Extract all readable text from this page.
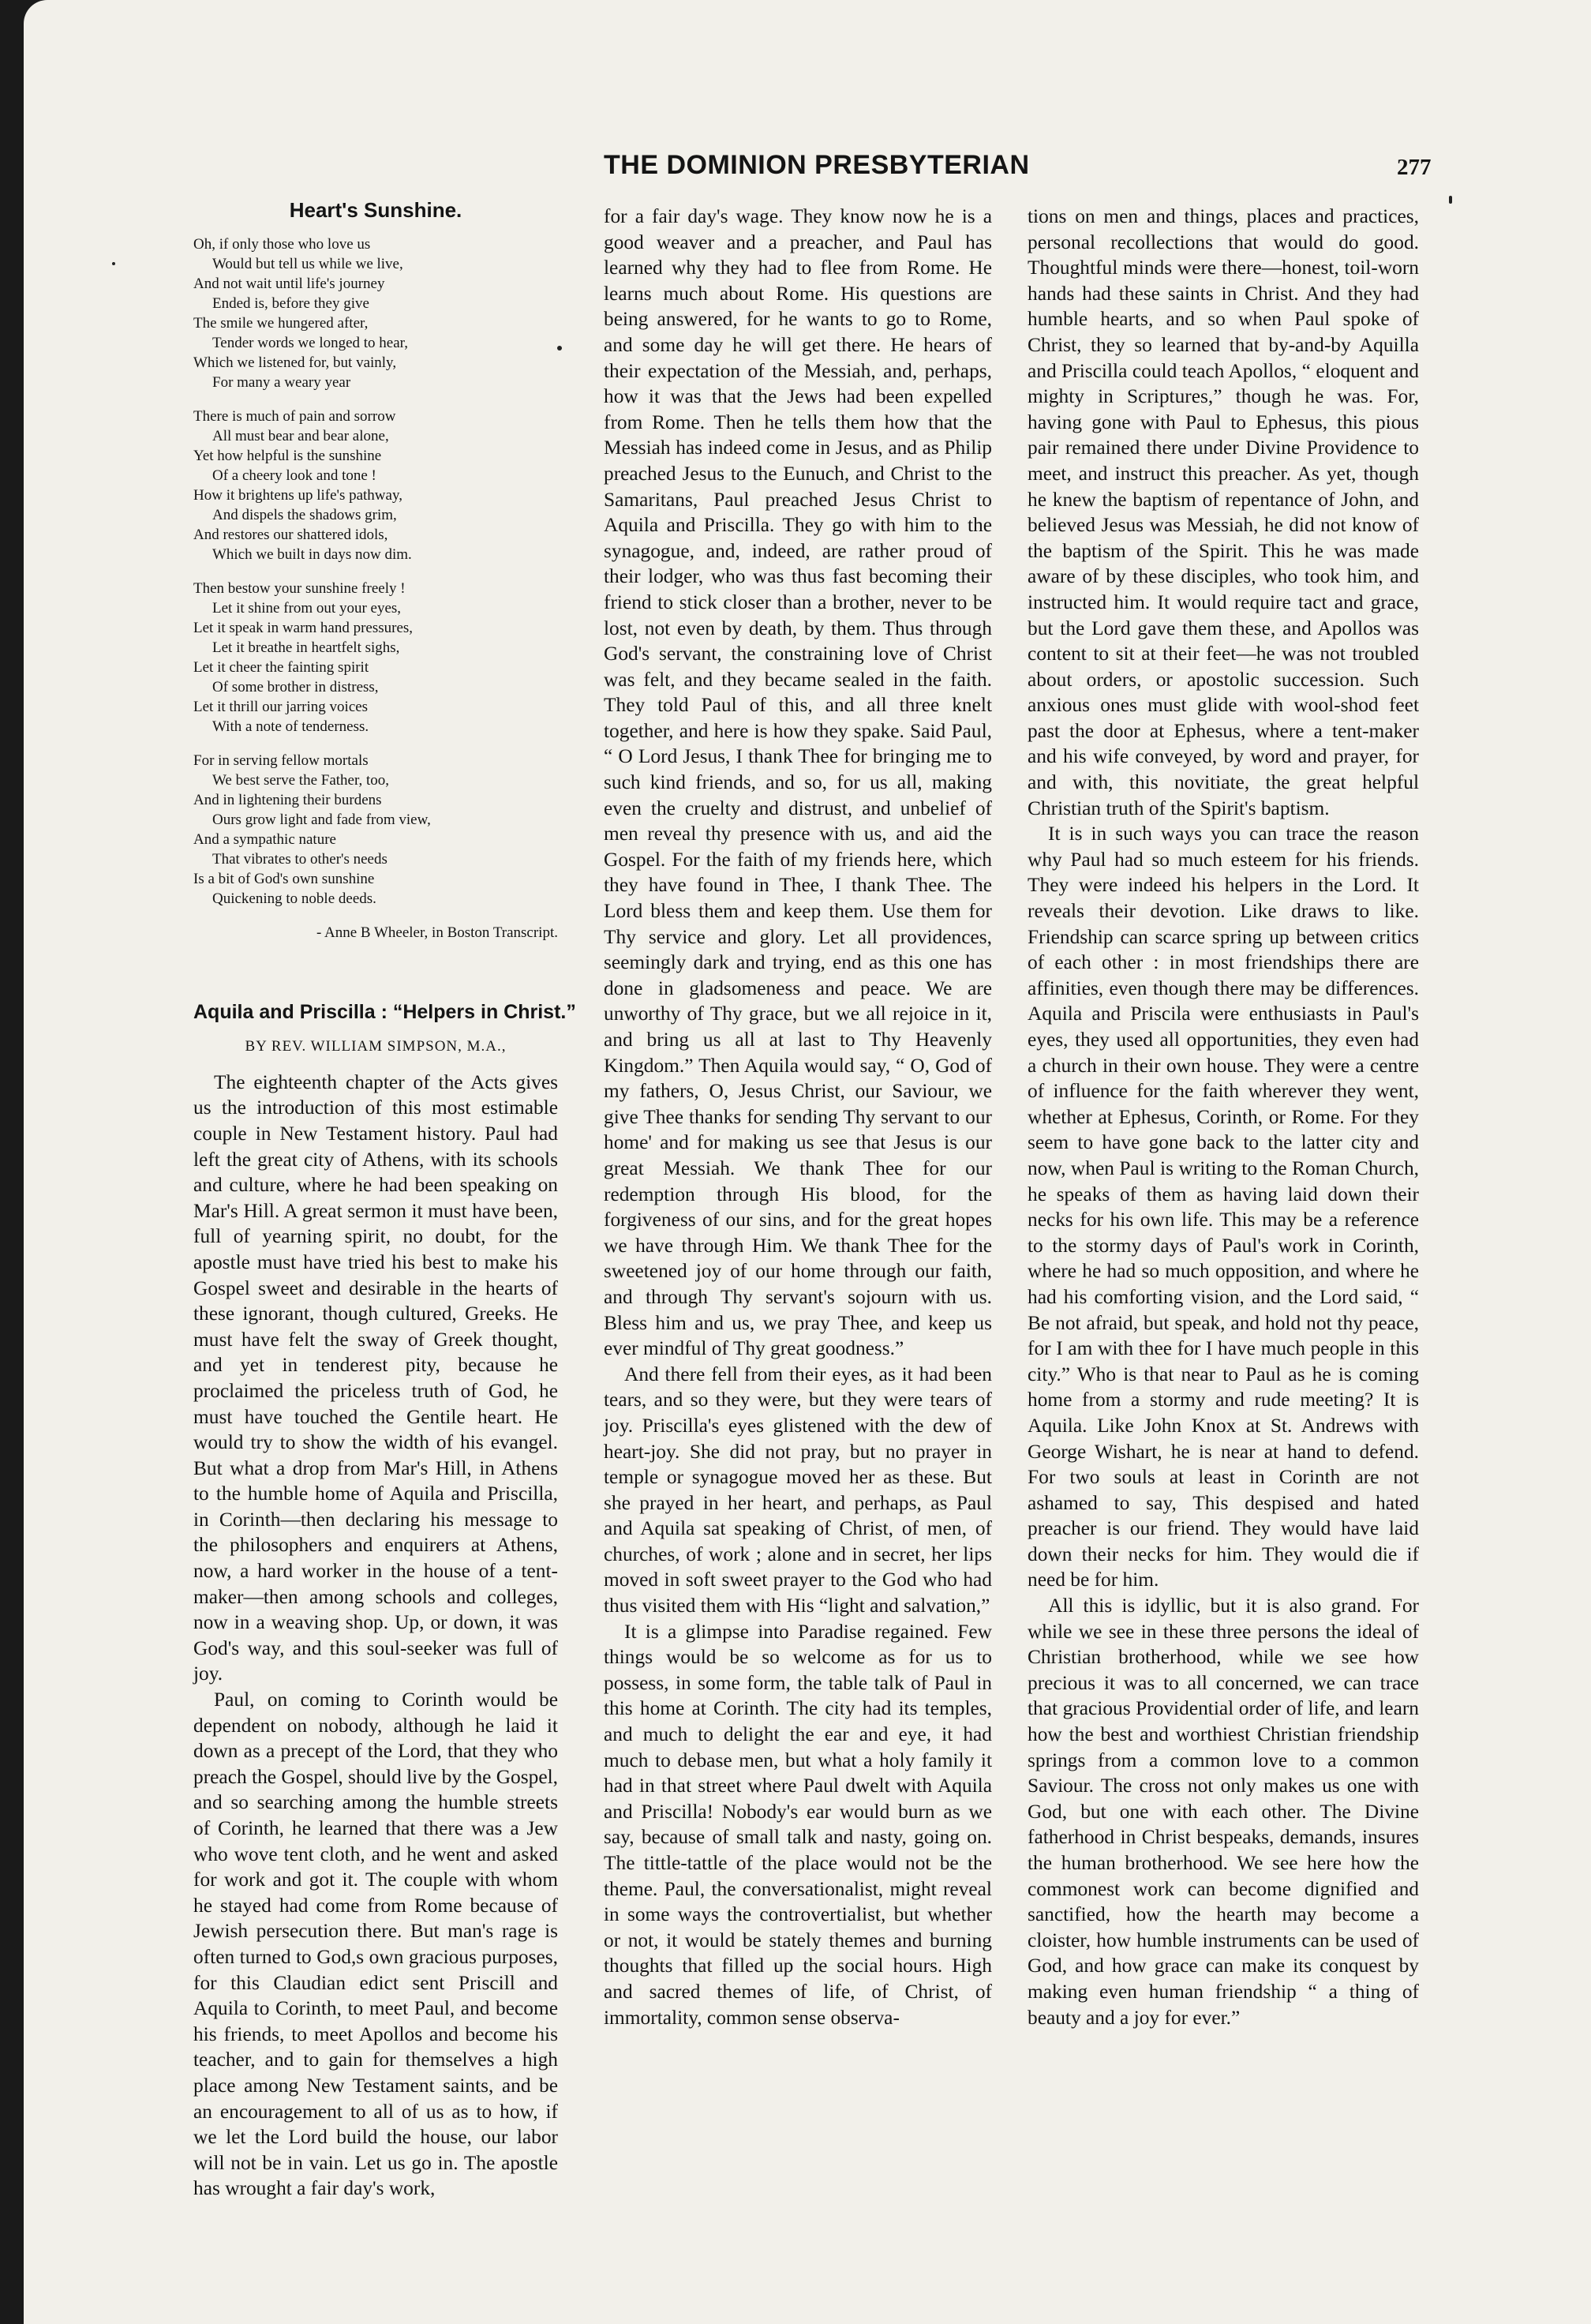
THE DOMINION PRESBYTERIAN	277
Heart's Sunshine.
Oh, if only those who love us
Would but tell us while we live,
And not wait until life's journey
Ended is, before they give
The smile we hungered after,
Tender words we longed to hear,
Which we listened for, but vainly,
For many a weary year
There is much of pain and sorrow
All must bear and bear alone,
Yet how helpful is the sunshine
Of a cheery look and tone !
How it brightens up life's pathway,
And dispels the shadows grim,
And restores our shattered idols,
Which we built in days now dim.
Then bestow your sunshine freely !
Let it shine from out your eyes,
Let it speak in warm hand pressures,
Let it breathe in heartfelt sighs,
Let it cheer the fainting spirit
Of some brother in distress,
Let it thrill our jarring voices
With a note of tenderness.
For in serving fellow mortals
We best serve the Father, too,
And in lightening their burdens
Ours grow light and fade from view,
And a sympathic nature
That vibrates to other's needs
Is a bit of God's own sunshine
Quickening to noble deeds.
- Anne B Wheeler, in Boston Transcript.
Aquila and Priscilla : “Helpers in Christ.”
BY REV. WILLIAM SIMPSON, M.A.,

The eighteenth chapter of the Acts gives us the introduction of this most estimable couple in New Testament history. Paul had left the great city of Athens, with its schools and culture, where he had been speaking on Mar's Hill. A great sermon it must have been, full of yearning spirit, no doubt, for the apostle must have tried his best to make his Gospel sweet and desirable in the hearts of these ignorant, though cultured, Greeks. He must have felt the sway of Greek thought, and yet in tenderest pity, because he proclaimed the priceless truth of God, he must have touched the Gentile heart. He would try to show the width of his evangel. But what a drop from Mar's Hill, in Athens to the humble home of Aquila and Priscilla, in Corinth—then declaring his message to the philosophers and enquirers at Athens, now, a hard worker in the house of a tent-maker—then among schools and colleges, now in a weaving shop. Up, or down, it was God's way, and this soul-seeker was full of joy.

Paul, on coming to Corinth would be dependent on nobody, although he laid it down as a precept of the Lord, that they who preach the Gospel, should live by the Gospel, and so searching among the humble streets of Corinth, he learned that there was a Jew who wove tent cloth, and he went and asked for work and got it. The couple with whom he stayed had come from Rome because of Jewish persecution there. But man's rage is often turned to God,s own gracious purposes, for this Claudian edict sent Priscill and Aquila to Corinth, to meet Paul, and become his friends, to meet Apollos and become his teacher, and to gain for themselves a high place among New Testament saints, and be an encouragement to all of us as to how, if we let the Lord build the house, our labor will not be in vain. Let us go in. The apostle has wrought a fair day's work,

for a fair day's wage. They know now he is a good weaver and a preacher, and Paul has learned why they had to flee from Rome. He learns much about Rome. His questions are being answered, for he wants to go to Rome, and some day he will get there. He hears of their expectation of the Messiah, and, perhaps, how it was that the Jews had been expelled from Rome. Then he tells them how that the Messiah has indeed come in Jesus, and as Philip preached Jesus to the Eunuch, and Christ to the Samaritans, Paul preached Jesus Christ to Aquila and Priscilla. They go with him to the synagogue, and, indeed, are rather proud of their lodger, who was thus fast becoming their friend to stick closer than a brother, never to be lost, not even by death, by them. Thus through God's servant, the constraining love of Christ was felt, and they became sealed in the faith. They told Paul of this, and all three knelt together, and here is how they spake. Said Paul, “ O Lord Jesus, I thank Thee for bringing me to such kind friends, and so, for us all, making even the cruelty and distrust, and unbelief of men reveal thy presence with us, and aid the Gospel. For the faith of my friends here, which they have found in Thee, I thank Thee. The Lord bless them and keep them. Use them for Thy service and glory. Let all providences, seemingly dark and trying, end as this one has done in gladsomeness and peace. We are unworthy of Thy grace, but we all rejoice in it, and bring us all at last to Thy Heavenly Kingdom.” Then Aquila would say, “ O, God of my fathers, O, Jesus Christ, our Saviour, we give Thee thanks for sending Thy servant to our home' and for making us see that Jesus is our great Messiah. We thank Thee for our redemption through His blood, for the forgiveness of our sins, and for the great hopes we have through Him. We thank Thee for the sweetened joy of our home through our faith, and through Thy servant's sojourn with us. Bless him and us, we pray Thee, and keep us ever mindful of Thy great goodness.”

And there fell from their eyes, as it had been tears, and so they were, but they were tears of joy. Priscilla's eyes glistened with the dew of heart-joy. She did not pray, but no prayer in temple or synagogue moved her as these. But she prayed in her heart, and perhaps, as Paul and Aquila sat speaking of Christ, of men, of churches, of work ; alone and in secret, her lips moved in soft sweet prayer to the God who had thus visited them with His “light and salvation,”

It is a glimpse into Paradise regained. Few things would be so welcome as for us to possess, in some form, the table talk of Paul in this home at Corinth. The city had its temples, and much to delight the ear and eye, it had much to debase men, but what a holy family it had in that street where Paul dwelt with Aquila and Priscilla! Nobody's ear would burn as we say, because of small talk and nasty, going on. The tittle-tattle of the place would not be the theme. Paul, the conversationalist, might reveal in some ways the controvertialist, but whether or not, it would be stately themes and burning thoughts that filled up the social hours. High and sacred themes of life, of Christ, of immortality, common sense observa-

tions on men and things, places and practices, personal recollections that would do good. Thoughtful minds were there—honest, toil-worn hands had these saints in Christ. And they had humble hearts, and so when Paul spoke of Christ, they so learned that by-and-by Aquilla and Priscilla could teach Apollos, “ eloquent and mighty in Scriptures,” though he was. For, having gone with Paul to Ephesus, this pious pair remained there under Divine Providence to meet, and instruct this preacher. As yet, though he knew the baptism of repentance of John, and believed Jesus was Messiah, he did not know of the baptism of the Spirit. This he was made aware of by these disciples, who took him, and instructed him. It would require tact and grace, but the Lord gave them these, and Apollos was content to sit at their feet—he was not troubled about orders, or apostolic succession. Such anxious ones must glide with wool-shod feet past the door at Ephesus, where a tent-maker and his wife conveyed, by word and prayer, for and with, this novitiate, the great helpful Christian truth of the Spirit's baptism.

It is in such ways you can trace the reason why Paul had so much esteem for his friends. They were indeed his helpers in the Lord. It reveals their devotion. Like draws to like. Friendship can scarce spring up between critics of each other : in most friendships there are affinities, even though there may be differences. Aquila and Priscila were enthusiasts in Paul's eyes, they used all opportunities, they even had a church in their own house. They were a centre of influence for the faith wherever they went, whether at Ephesus, Corinth, or Rome. For they seem to have gone back to the latter city and now, when Paul is writing to the Roman Church, he speaks of them as having laid down their necks for his own life. This may be a reference to the stormy days of Paul's work in Corinth, where he had so much opposition, and where he had his comforting vision, and the Lord said, “ Be not afraid, but speak, and hold not thy peace, for I am with thee for I have much people in this city.” Who is that near to Paul as he is coming home from a stormy and rude meeting? It is Aquila. Like John Knox at St. Andrews with George Wishart, he is near at hand to defend. For two souls at least in Corinth are not ashamed to say, This despised and hated preacher is our friend. They would have laid down their necks for him. They would die if need be for him.

All this is idyllic, but it is also grand. For while we see in these three persons the ideal of Christian brotherhood, while we see how precious it was to all concerned, we can trace that gracious Providential order of life, and learn how the best and worthiest Christian friendship springs from a common love to a common Saviour. The cross not only makes us one with God, but one with each other. The Divine fatherhood in Christ bespeaks, demands, insures the human brotherhood. We see here how the commonest work can become dignified and sanctified, how the hearth may become a cloister, how humble instruments can be used of God, and how grace can make its conquest by making even human friendship “ a thing of beauty and a joy for ever.”
